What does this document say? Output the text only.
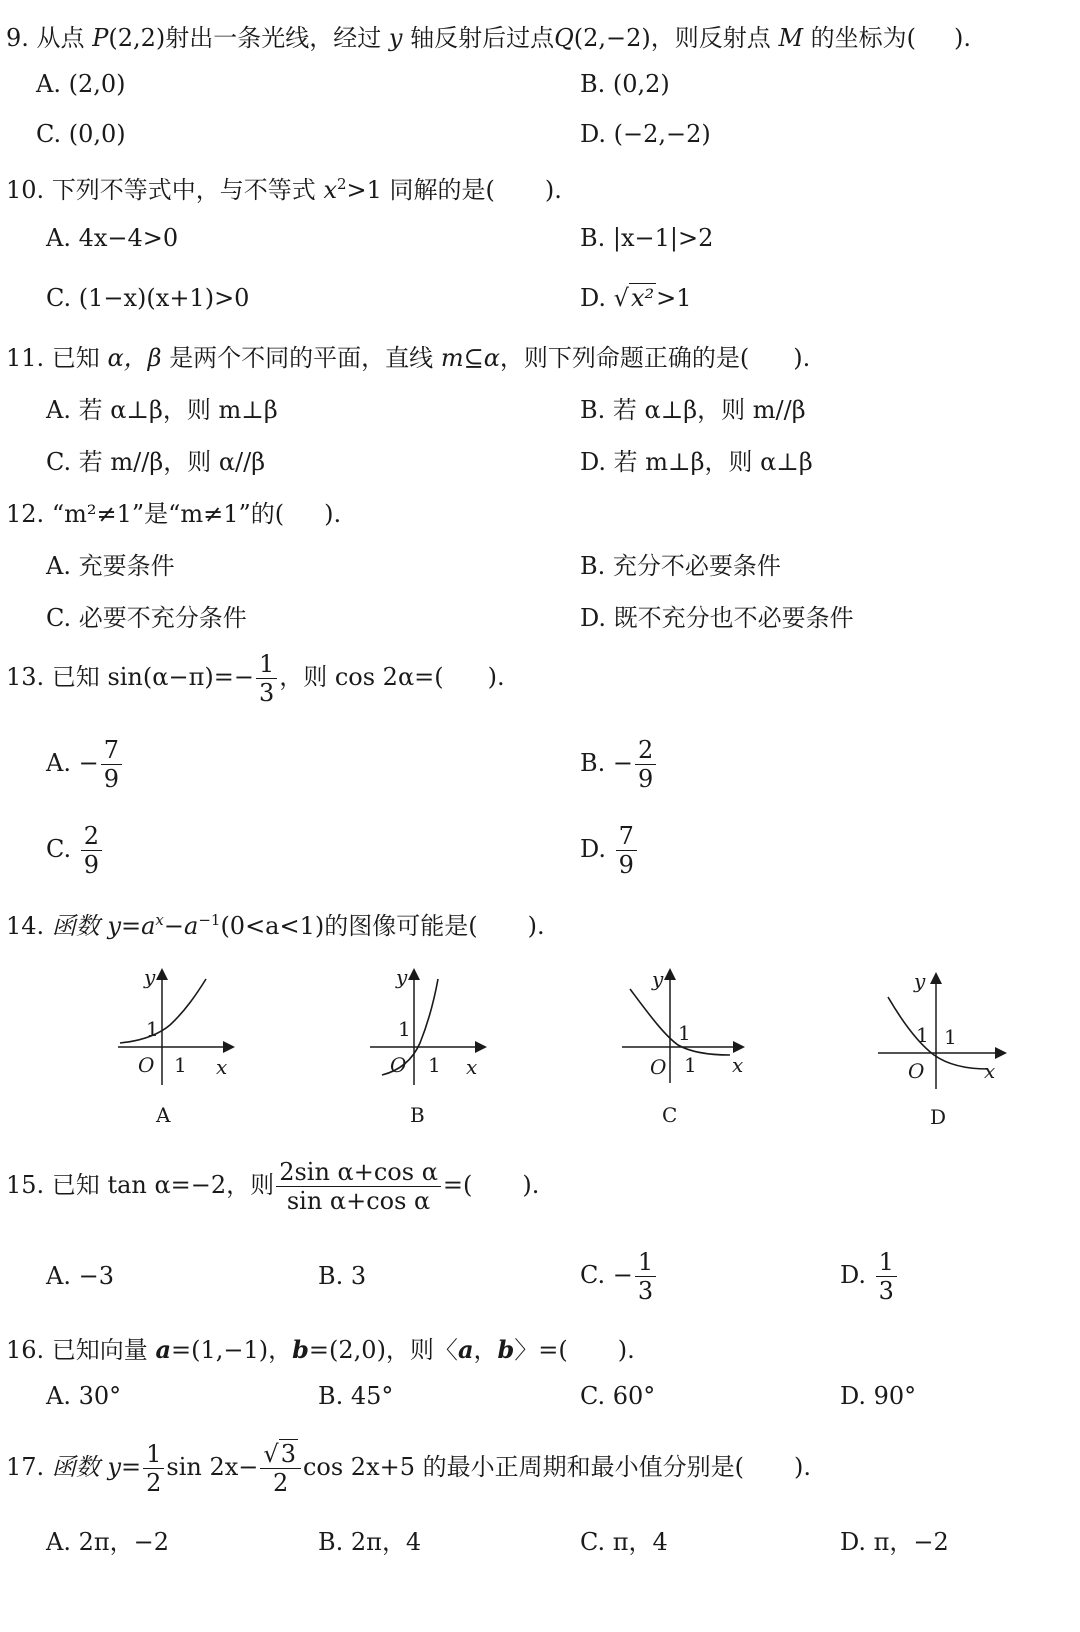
9. 从点 P(2,2)射出一条光线，经过 y 轴反射后过点Q(2,−2)，则反射点 M 的坐标为( ).
A. (2,0)	B. (0,2)
C. (0,0)	D. (−2,−2)
10. 下列不等式中，与不等式 $x^2>1$ 同解的是( ).
A. 4x−4>0	B. |x−1|>2
C. (1−x)(x+1)>0	D. √x²>1
11. 已知 α，β 是两个不同的平面，直线 m⊆α，则下列命题正确的是( ).
A. 若 α⊥β，则 m⊥β	B. 若 α⊥β，则 m//β
C. 若 m//β，则 α//β	D. 若 m⊥β，则 α⊥β
12. “m²≠1”是“m≠1”的( ).
A. 充要条件	B. 充分不必要条件
C. 必要不充分条件	D. 既不充分也不必要条件
13. 已知 $\sin(\alpha-\pi)=- \frac{1}{3}$ ，则 cos 2α=( ).
A. − $\frac{7}{9}$	B. − $\frac{2}{9}$
C. $\frac{2}{9}$	D. $\frac{7}{9}$
14. 函数 $y=a^x-a^{-1}(0<a<1)$的图像可能是( ).
y
1
O 1 x
A
y
1
O 1 x
B
y
1
O 1 x
C
y
1
O
1
x
D
15. 已知 tan α=−2，则 $\frac{\text{2sin α+cos α}}{\text{sin α+cos α}}$ =( ).
A. −3	B. 3	C. − $\frac{1}{3}$	D. $\frac{1}{3}$
16. 已知向量 a=(1,−1)，b=(2,0)，则〈a，b〉=( ).
A. 30°	B. 45°	C. 60°	D. 90°
17. 函数 $y= \frac{1}{2}$ $\sin 2x- \frac{√3}{2}$ cos 2x+5 的最小正周期和最小值分别是( ).
A. 2π，−2	B. 2π，4	C. π，4	D. π，−2
